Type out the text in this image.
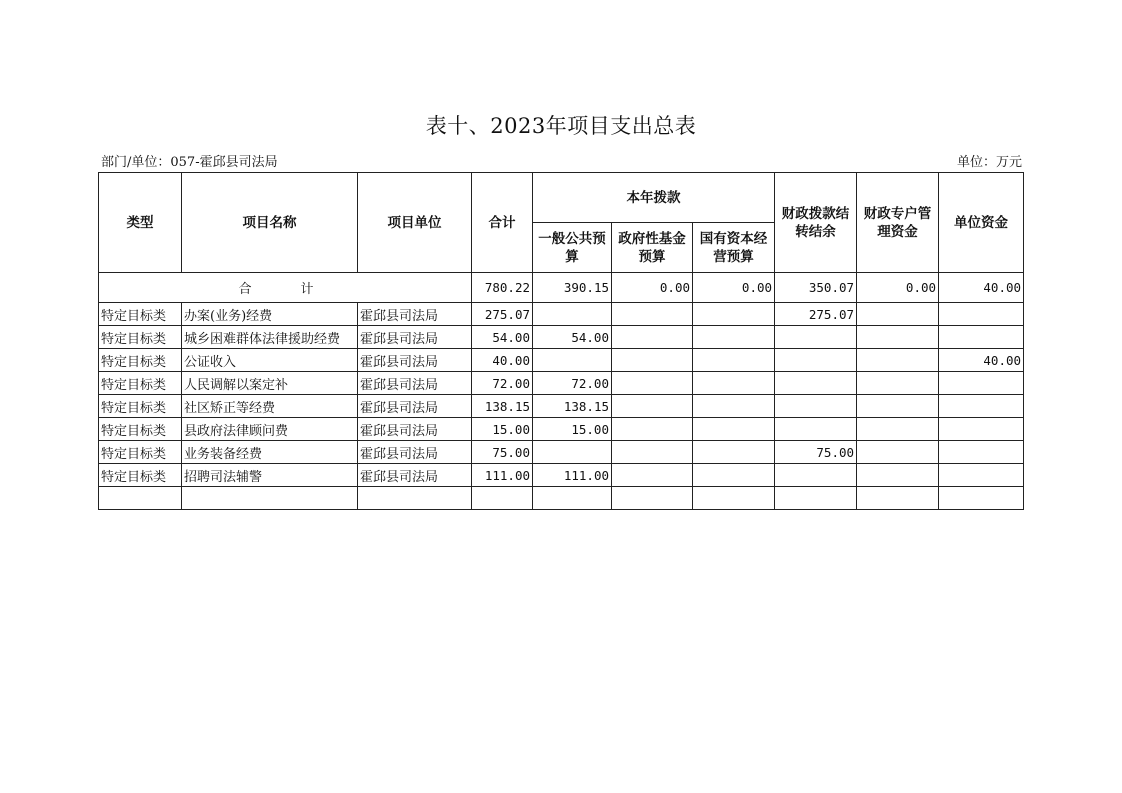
表十、2023年项目支出总表
部门/单位：057-霍邱县司法局	单位：万元
类型	项目名称	项目单位	合计	本年拨款			财政拨款结转结余	财政专户管理资金	单位资金
				一般公共预算	政府性基金预算	国有资本经营预算			
合　计			780.22	390.15	0.00	0.00	350.07	0.00	40.00
特定目标类	办案(业务)经费	霍邱县司法局	275.07				275.07		
特定目标类	城乡困难群体法律援助经费	霍邱县司法局	54.00	54.00					
特定目标类	公证收入	霍邱县司法局	40.00						40.00
特定目标类	人民调解以案定补	霍邱县司法局	72.00	72.00					
特定目标类	社区矫正等经费	霍邱县司法局	138.15	138.15					
特定目标类	县政府法律顾问费	霍邱县司法局	15.00	15.00					
特定目标类	业务装备经费	霍邱县司法局	75.00				75.00		
特定目标类	招聘司法辅警	霍邱县司法局	111.00	111.00					
